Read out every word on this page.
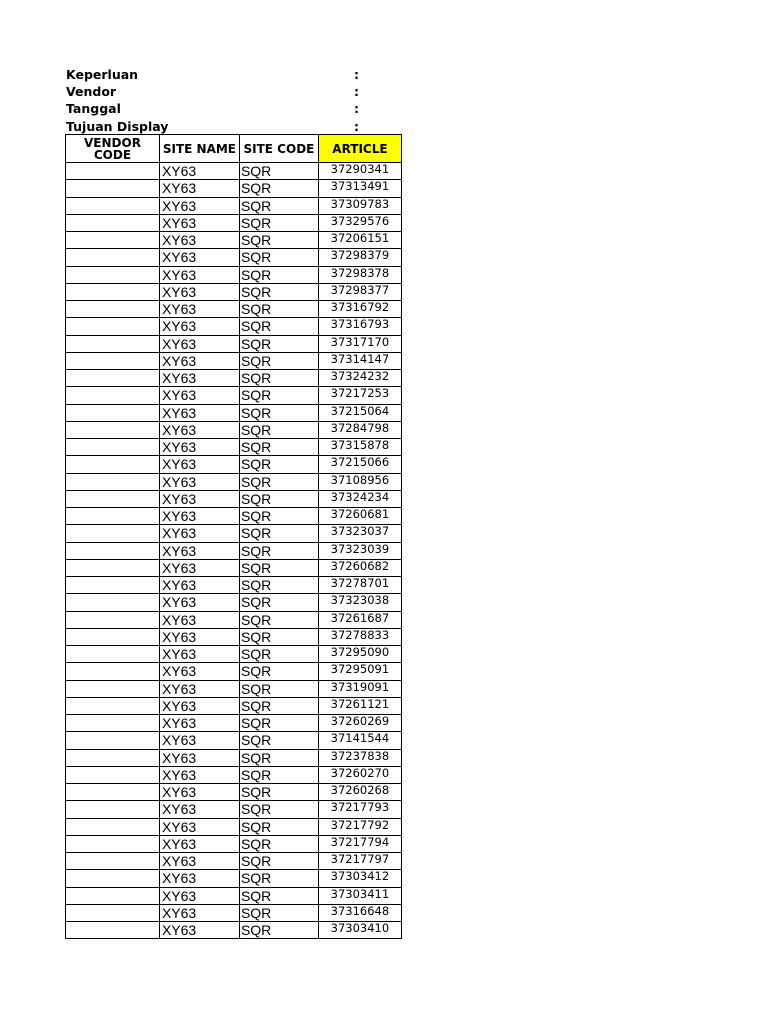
Keperluan	:
Vendor	:
Tanggal	:
Tujuan Display	:
VENDOR CODE	SITE NAME	SITE CODE	ARTICLE
	XY63	SQR	37290341
	XY63	SQR	37313491
	XY63	SQR	37309783
	XY63	SQR	37329576
	XY63	SQR	37206151
	XY63	SQR	37298379
	XY63	SQR	37298378
	XY63	SQR	37298377
	XY63	SQR	37316792
	XY63	SQR	37316793
	XY63	SQR	37317170
	XY63	SQR	37314147
	XY63	SQR	37324232
	XY63	SQR	37217253
	XY63	SQR	37215064
	XY63	SQR	37284798
	XY63	SQR	37315878
	XY63	SQR	37215066
	XY63	SQR	37108956
	XY63	SQR	37324234
	XY63	SQR	37260681
	XY63	SQR	37323037
	XY63	SQR	37323039
	XY63	SQR	37260682
	XY63	SQR	37278701
	XY63	SQR	37323038
	XY63	SQR	37261687
	XY63	SQR	37278833
	XY63	SQR	37295090
	XY63	SQR	37295091
	XY63	SQR	37319091
	XY63	SQR	37261121
	XY63	SQR	37260269
	XY63	SQR	37141544
	XY63	SQR	37237838
	XY63	SQR	37260270
	XY63	SQR	37260268
	XY63	SQR	37217793
	XY63	SQR	37217792
	XY63	SQR	37217794
	XY63	SQR	37217797
	XY63	SQR	37303412
	XY63	SQR	37303411
	XY63	SQR	37316648
	XY63	SQR	37303410
